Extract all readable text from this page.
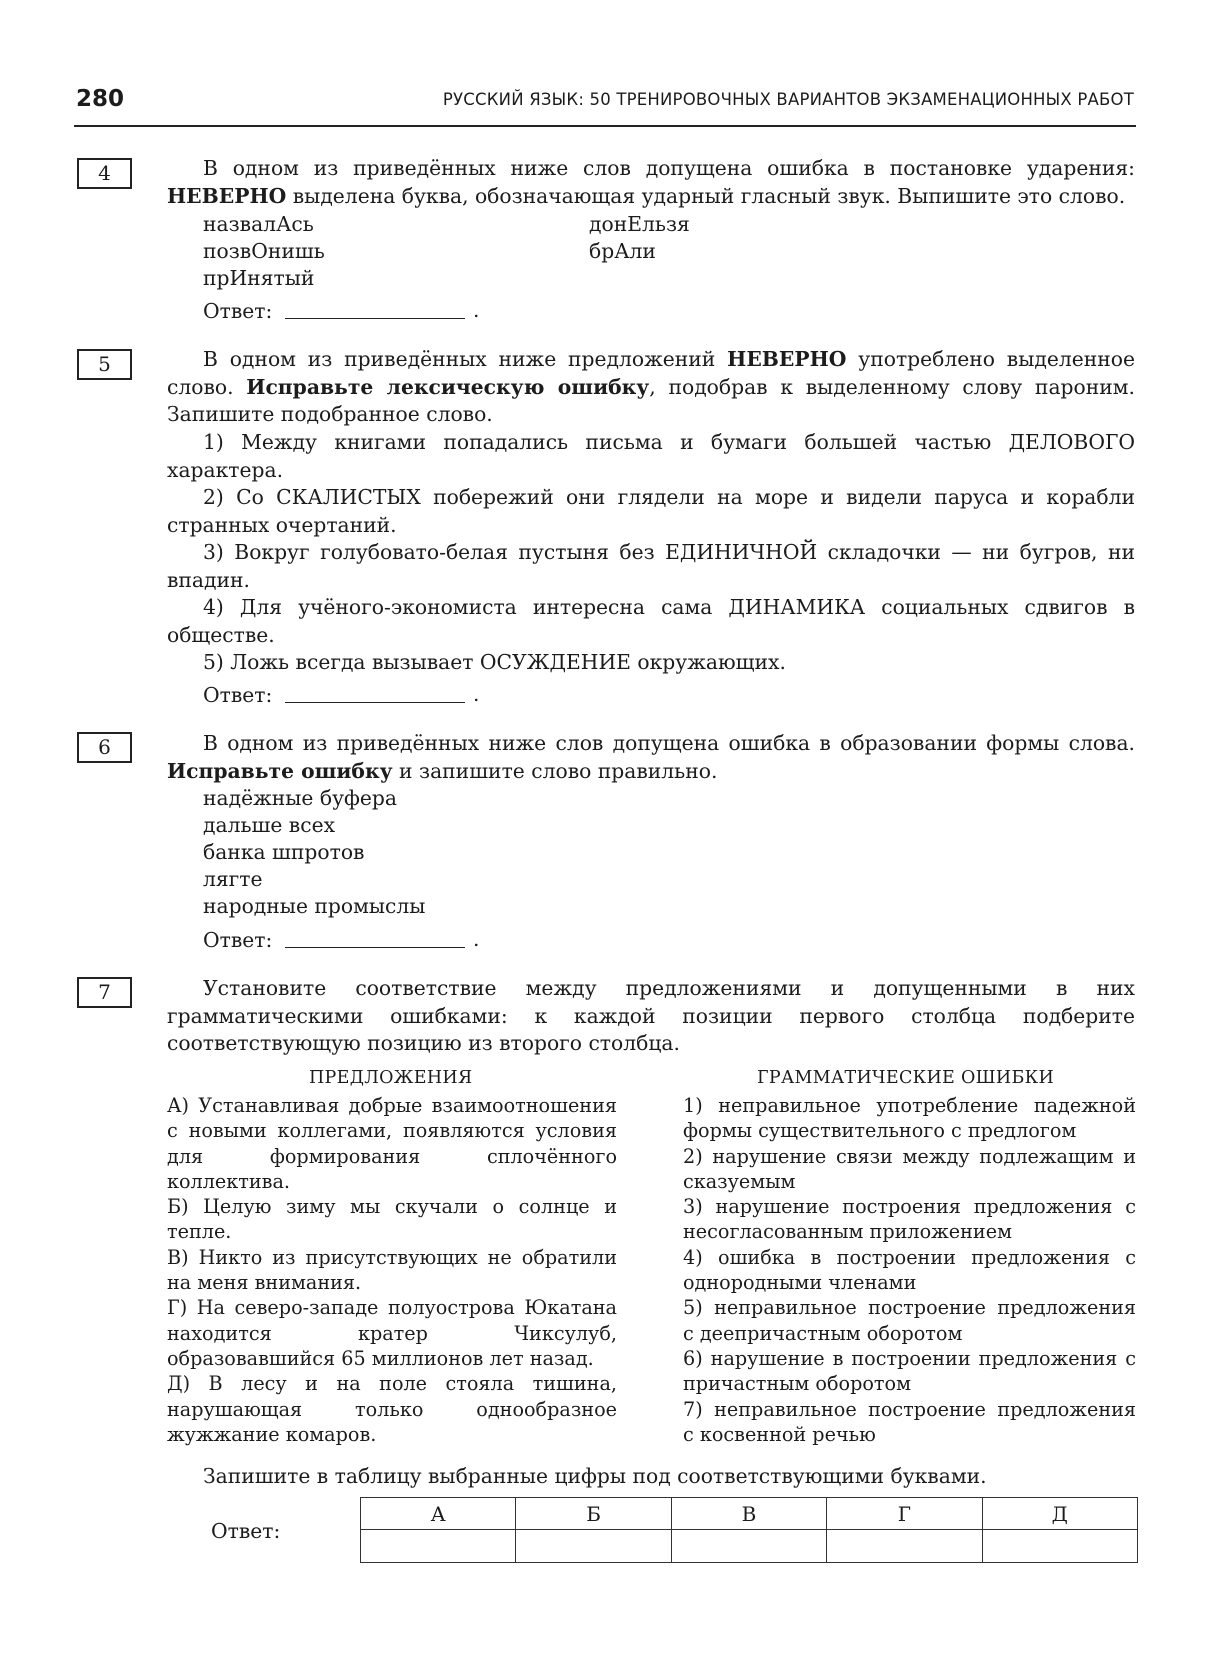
280	РУССКИЙ ЯЗЫК: 50 ТРЕНИРОВОЧНЫХ ВАРИАНТОВ ЭКЗАМЕНАЦИОННЫХ РАБОТ
4	В одном из приведённых ниже слов допущена ошибка в постановке ударения: НЕВЕРНО выделена буква, обозначающая ударный гласный звук. Выпишите это слово.

назвалАсь
позвОнишь
прИнятый
донЕльзя
брАли
Ответ:	.
5	В одном из приведённых ниже предложений НЕВЕРНО употреблено выделенное слово. Исправьте лексическую ошибку, подобрав к выделенному слову пароним. Запишите подобранное слово.

1) Между книгами попадались письма и бумаги большей частью ДЕЛОВОГО характера.

2) Со СКАЛИСТЫХ побережий они глядели на море и видели паруса и корабли странных очертаний.

3) Вокруг голубовато-белая пустыня без ЕДИНИЧНОЙ складочки — ни бугров, ни впадин.

4) Для учёного-экономиста интересна сама ДИНАМИКА социальных сдвигов в обществе.

5) Ложь всегда вызывает ОСУЖДЕНИЕ окружающих.

Ответ:	.
6	В одном из приведённых ниже слов допущена ошибка в образовании формы слова. Исправьте ошибку и запишите слово правильно.

надёжные буфера
дальше всех
банка шпротов
лягте
народные промыслы
Ответ:	.
7	Установите соответствие между предложениями и допущенными в них грамматическими ошибками: к каждой позиции первого столбца подберите соответствующую позицию из второго столбца.

ПРЕДЛОЖЕНИЯ	ГРАММАТИЧЕСКИЕ ОШИБКИ

А) Устанавливая добрые взаимоотношения с новыми коллегами, появляются условия для формирования сплочённого коллектива.

Б) Целую зиму мы скучали о солнце и тепле.

В) Никто из присутствующих не обратили на меня внимания.

Г) На северо-западе полуострова Юкатана находится кратер Чиксулуб, образовавшийся 65 миллионов лет назад.

Д) В лесу и на поле стояла тишина, нарушающая только однообразное жужжание комаров.

1) неправильное употребление падежной формы существительного с предлогом

2) нарушение связи между подлежащим и сказуемым

3) нарушение построения предложения с несогласованным приложением

4) ошибка в построении предложения с однородными членами

5) неправильное построение предложения с деепричастным оборотом

6) нарушение в построении предложения с причастным оборотом

7) неправильное построение предложения с косвенной речью

Запишите в таблицу выбранные цифры под соответствующими буквами.
Ответ:
А	Б	В	Г	Д
